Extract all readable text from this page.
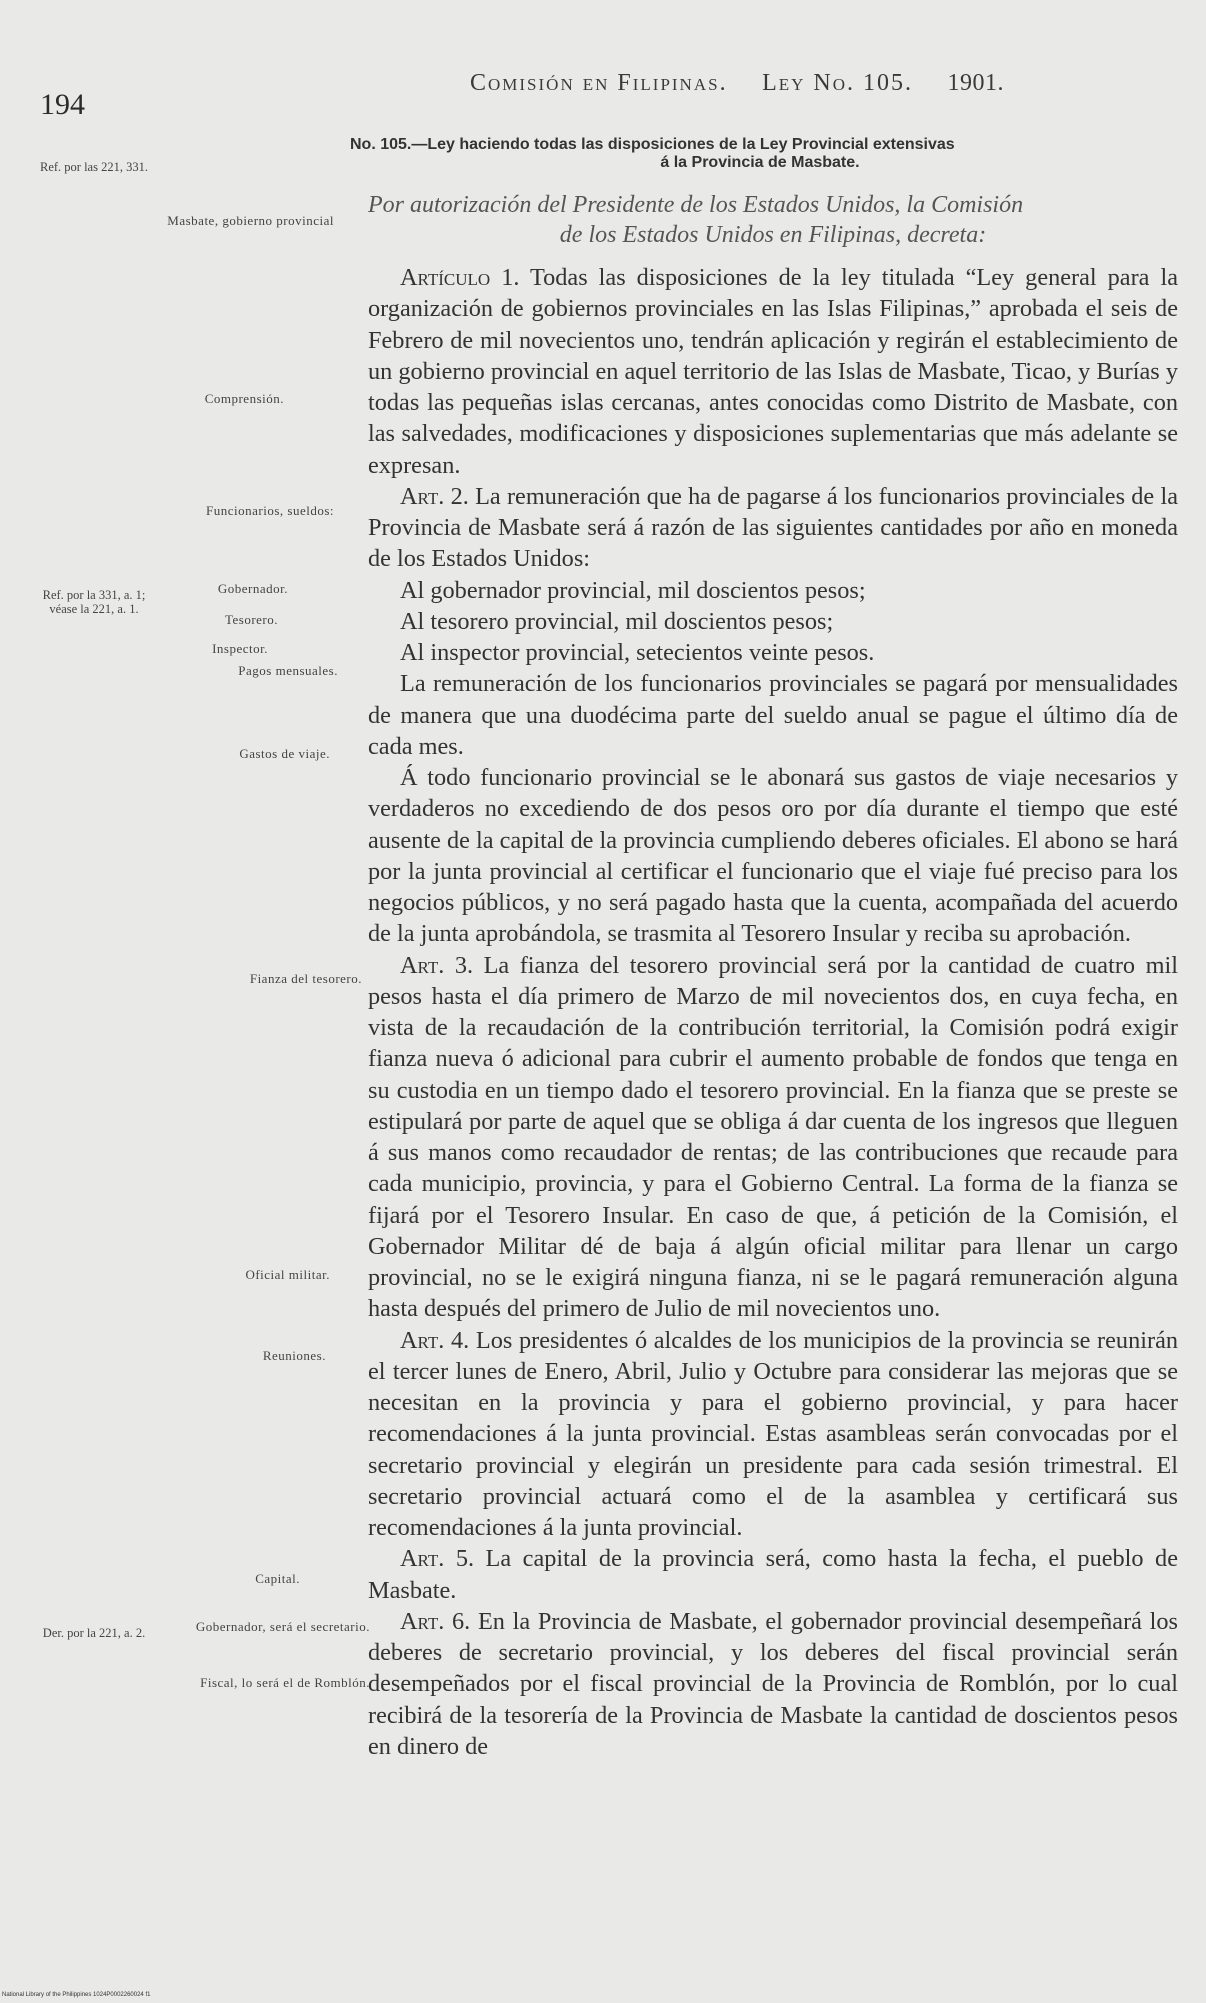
194
Comisión en Filipinas. Ley No. 105. 1901.
Ref. por las 221, 331.
Ref. por la 331, a. 1; véase la 221, a. 1.
Der. por la 221, a. 2.
Masbate, gobierno provincial
Comprensión.
Funcionarios, sueldos:
Gobernador.
Tesorero.
Inspector.
Pagos mensuales.
Gastos de viaje.
Fianza del tesorero.
Oficial militar.
Reuniones.
Capital.
Gobernador, será el secretario.
Fiscal, lo será el de Romblón.
No. 105.—Ley haciendo todas las disposiciones de la Ley Provincial extensivas
á la Provincia de Masbate.
Por autorización del Presidente de los Estados Unidos, la Comisión
de los Estados Unidos en Filipinas, decreta:

Artículo 1. Todas las disposiciones de la ley titulada “Ley general para la organización de gobiernos provinciales en las Islas Filipinas,” aprobada el seis de Febrero de mil novecientos uno, tendrán aplicación y regirán el establecimiento de un gobierno provincial en aquel territorio de las Islas de Masbate, Ticao, y Burías y todas las pequeñas islas cercanas, antes conocidas como Distrito de Masbate, con las salvedades, modificaciones y disposiciones suplementarias que más adelante se expresan.

Art. 2. La remuneración que ha de pagarse á los funcionarios provinciales de la Provincia de Masbate será á razón de las siguientes cantidades por año en moneda de los Estados Unidos:

Al gobernador provincial, mil doscientos pesos;

Al tesorero provincial, mil doscientos pesos;

Al inspector provincial, setecientos veinte pesos.

La remuneración de los funcionarios provinciales se pagará por mensualidades de manera que una duodécima parte del sueldo anual se pague el último día de cada mes.

Á todo funcionario provincial se le abonará sus gastos de viaje necesarios y verdaderos no excediendo de dos pesos oro por día durante el tiempo que esté ausente de la capital de la provincia cumpliendo deberes oficiales. El abono se hará por la junta provincial al certificar el funcionario que el viaje fué preciso para los negocios públicos, y no será pagado hasta que la cuenta, acompañada del acuerdo de la junta aprobándola, se trasmita al Tesorero Insular y reciba su aprobación.

Art. 3. La fianza del tesorero provincial será por la cantidad de cuatro mil pesos hasta el día primero de Marzo de mil novecientos dos, en cuya fecha, en vista de la recaudación de la contribución territorial, la Comisión podrá exigir fianza nueva ó adicional para cubrir el aumento probable de fondos que tenga en su custodia en un tiempo dado el tesorero provincial. En la fianza que se preste se estipulará por parte de aquel que se obliga á dar cuenta de los ingresos que lleguen á sus manos como recaudador de rentas; de las contribuciones que recaude para cada municipio, provincia, y para el Gobierno Central. La forma de la fianza se fijará por el Tesorero Insular. En caso de que, á petición de la Comisión, el Gobernador Militar dé de baja á algún oficial militar para llenar un cargo provincial, no se le exigirá ninguna fianza, ni se le pagará remuneración alguna hasta después del primero de Julio de mil novecientos uno.

Art. 4. Los presidentes ó alcaldes de los municipios de la provincia se reunirán el tercer lunes de Enero, Abril, Julio y Octubre para considerar las mejoras que se necesitan en la provincia y para el gobierno provincial, y para hacer recomendaciones á la junta provincial. Estas asambleas serán convocadas por el secretario provincial y elegirán un presidente para cada sesión trimestral. El secretario provincial actuará como el de la asamblea y certificará sus recomendaciones á la junta provincial.

Art. 5. La capital de la provincia será, como hasta la fecha, el pueblo de Masbate.

Art. 6. En la Provincia de Masbate, el gobernador provincial desempeñará los deberes de secretario provincial, y los deberes del fiscal provincial serán desempeñados por el fiscal provincial de la Provincia de Romblón, por lo cual recibirá de la tesorería de la Provincia de Masbate la cantidad de doscientos pesos en dinero de

National Library of the Philippines 1024P0002260024 f1
